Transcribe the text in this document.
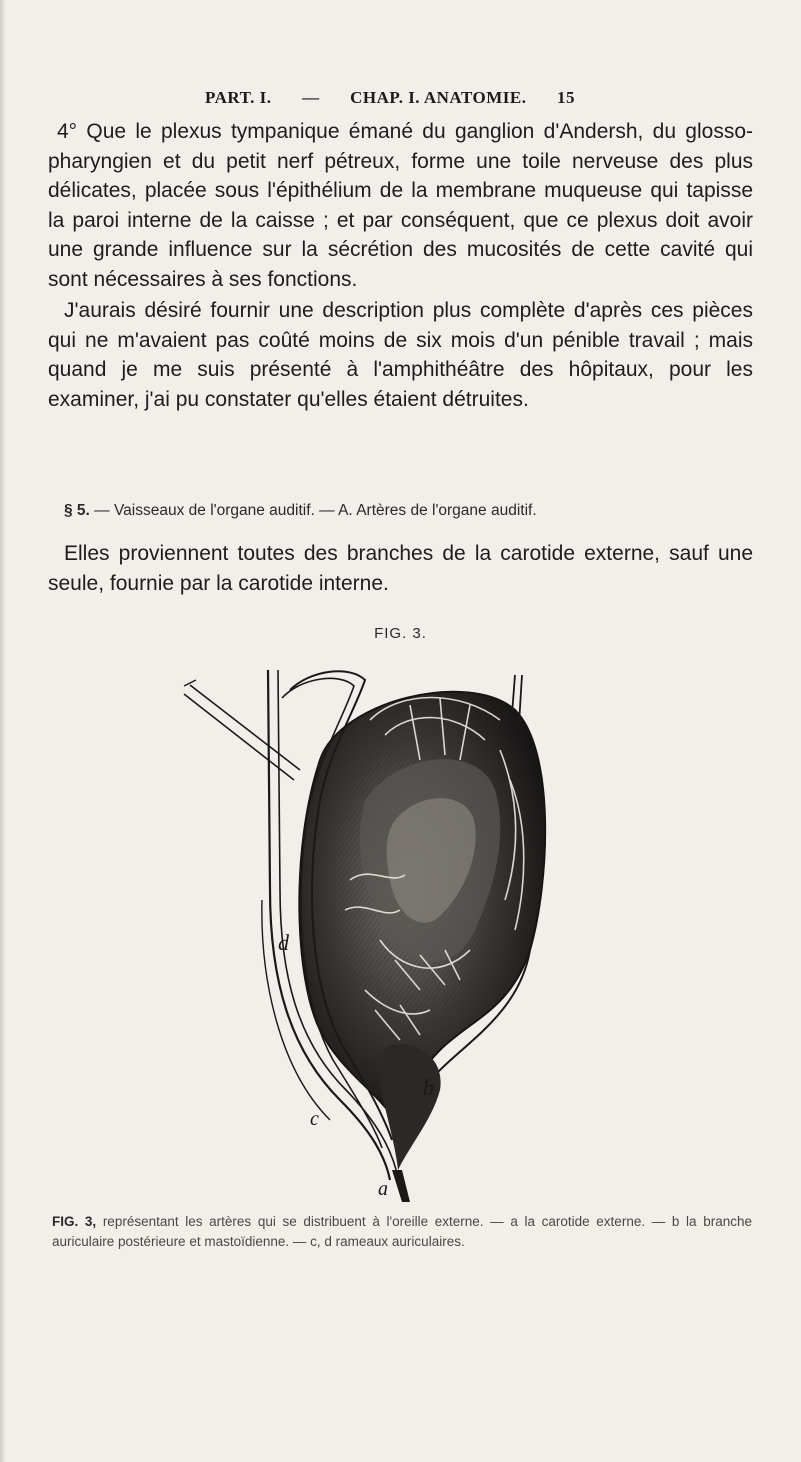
PART. I. — CHAP. I. ANATOMIE. 15
4° Que le plexus tympanique émané du ganglion d'Andersh, du glosso-pharyngien et du petit nerf pétreux, forme une toile nerveuse des plus délicates, placée sous l'épithélium de la membrane muqueuse qui tapisse la paroi interne de la caisse ; et par conséquent, que ce plexus doit avoir une grande influence sur la sécrétion des mucosités de cette cavité qui sont nécessaires à ses fonctions.
J'aurais désiré fournir une description plus complète d'après ces pièces qui ne m'avaient pas coûté moins de six mois d'un pénible travail ; mais quand je me suis présenté à l'amphithéâtre des hôpitaux, pour les examiner, j'ai pu constater qu'elles étaient détruites.
§ 5. — Vaisseaux de l'organe auditif. — A. Artères de l'organe auditif.
Elles proviennent toutes des branches de la carotide externe, sauf une seule, fournie par la carotide interne.
FIG. 3.
d
b
c
a
FIG. 3, représentant les artères qui se distribuent à l'oreille externe. — a la carotide externe. — b la branche auriculaire postérieure et mastoïdienne. — c, d rameaux auriculaires.
